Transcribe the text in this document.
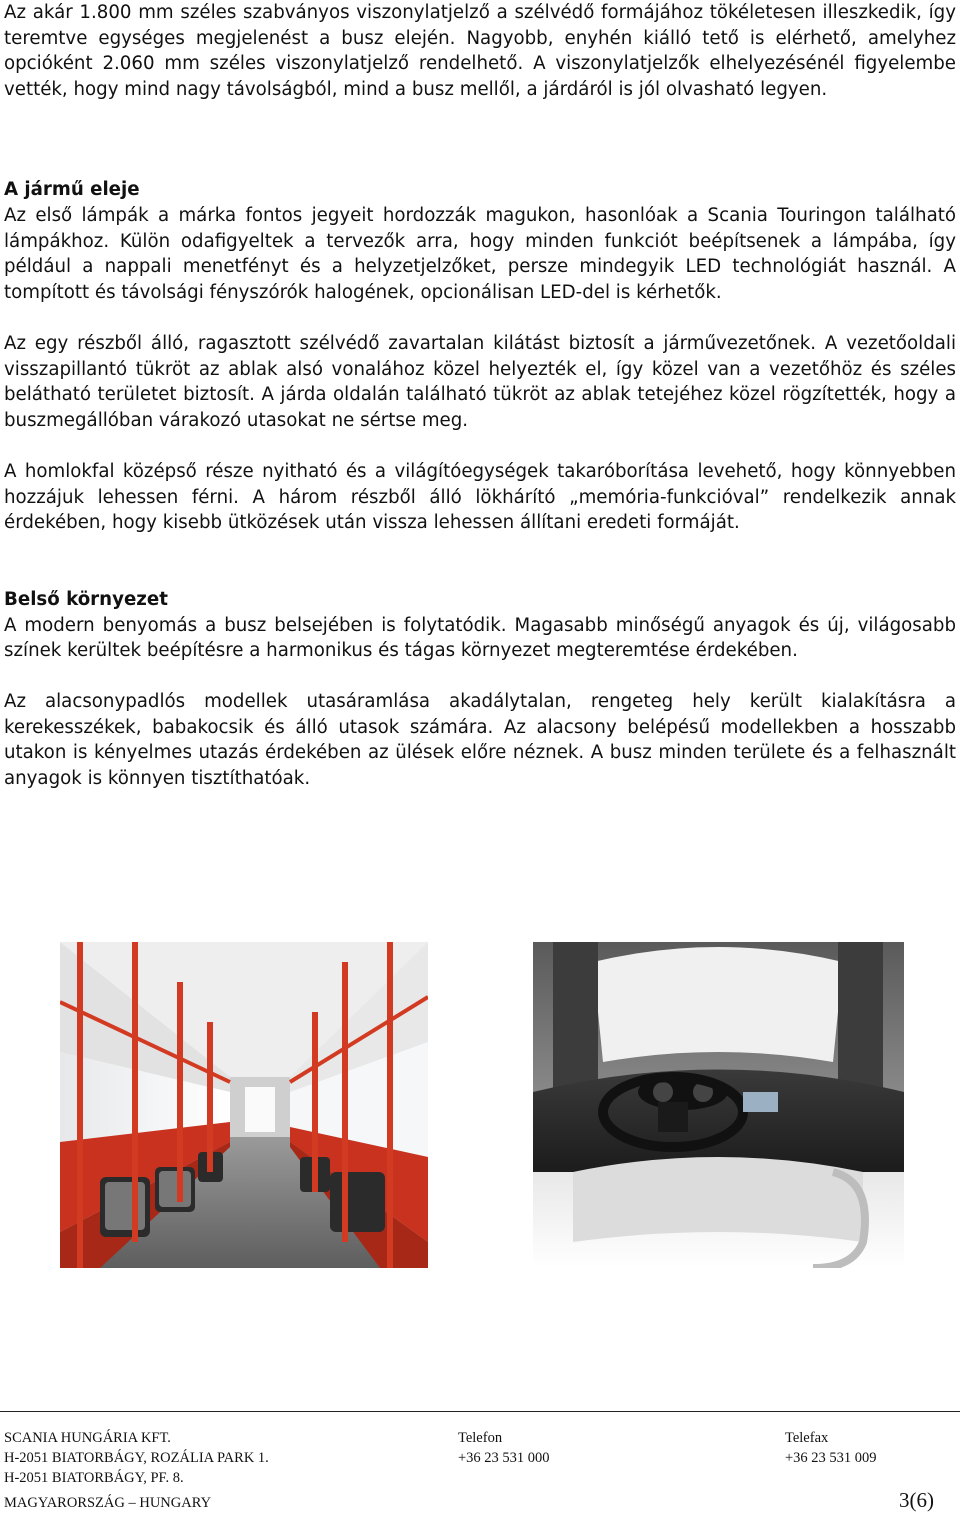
Az akár 1.800 mm széles szabványos viszonylatjelző a szélvédő formájához tökéletesen illeszkedik, így teremtve egységes megjelenést a busz elején. Nagyobb, enyhén kiálló tető is elérhető, amelyhez opcióként 2.060 mm széles viszonylatjelző rendelhető. A viszonylatjelzők elhelyezésénél figyelembe vették, hogy mind nagy távolságból, mind a busz mellől, a járdáról is jól olvasható legyen.

A jármű eleje

Az első lámpák a márka fontos jegyeit hordozzák magukon, hasonlóak a Scania Touringon található lámpákhoz. Külön odafigyeltek a tervezők arra, hogy minden funkciót beépítsenek a lámpába, így például a nappali menetfényt és a helyzetjelzőket, persze mindegyik LED technológiát használ. A tompított és távolsági fényszórók halogének, opcionálisan LED-del is kérhetők.

Az egy részből álló, ragasztott szélvédő zavartalan kilátást biztosít a járművezetőnek. A vezetőoldali visszapillantó tükröt az ablak alsó vonalához közel helyezték el, így közel van a vezetőhöz és széles belátható területet biztosít. A járda oldalán található tükröt az ablak tetejéhez közel rögzítették, hogy a buszmegállóban várakozó utasokat ne sértse meg.

A homlokfal középső része nyitható és a világítóegységek takaróborítása levehető, hogy könnyebben hozzájuk lehessen férni. A három részből álló lökhárító „memória-funkcióval” rendelkezik annak érdekében, hogy kisebb ütközések után vissza lehessen állítani eredeti formáját.

Belső környezet

A modern benyomás a busz belsejében is folytatódik. Magasabb minőségű anyagok és új, világosabb színek kerültek beépítésre a harmonikus és tágas környezet megteremtése érdekében.

Az alacsonypadlós modellek utasáramlása akadálytalan, rengeteg hely került kialakításra a kerekesszékek, babakocsik és álló utasok számára. Az alacsony belépésű modellekben a hosszabb utakon is kényelmes utazás érdekében az ülések előre néznek. A busz minden területe és a felhasznált anyagok is könnyen tisztíthatóak.

SCANIA HUNGÁRIA KFT.
H-2051 BIATORBÁGY, ROZÁLIA PARK 1.
H-2051 BIATORBÁGY, PF. 8.
Telefon
+36 23 531 000
Telefax
+36 23 531 009
MAGYARORSZÁG – HUNGARY	3(6)
